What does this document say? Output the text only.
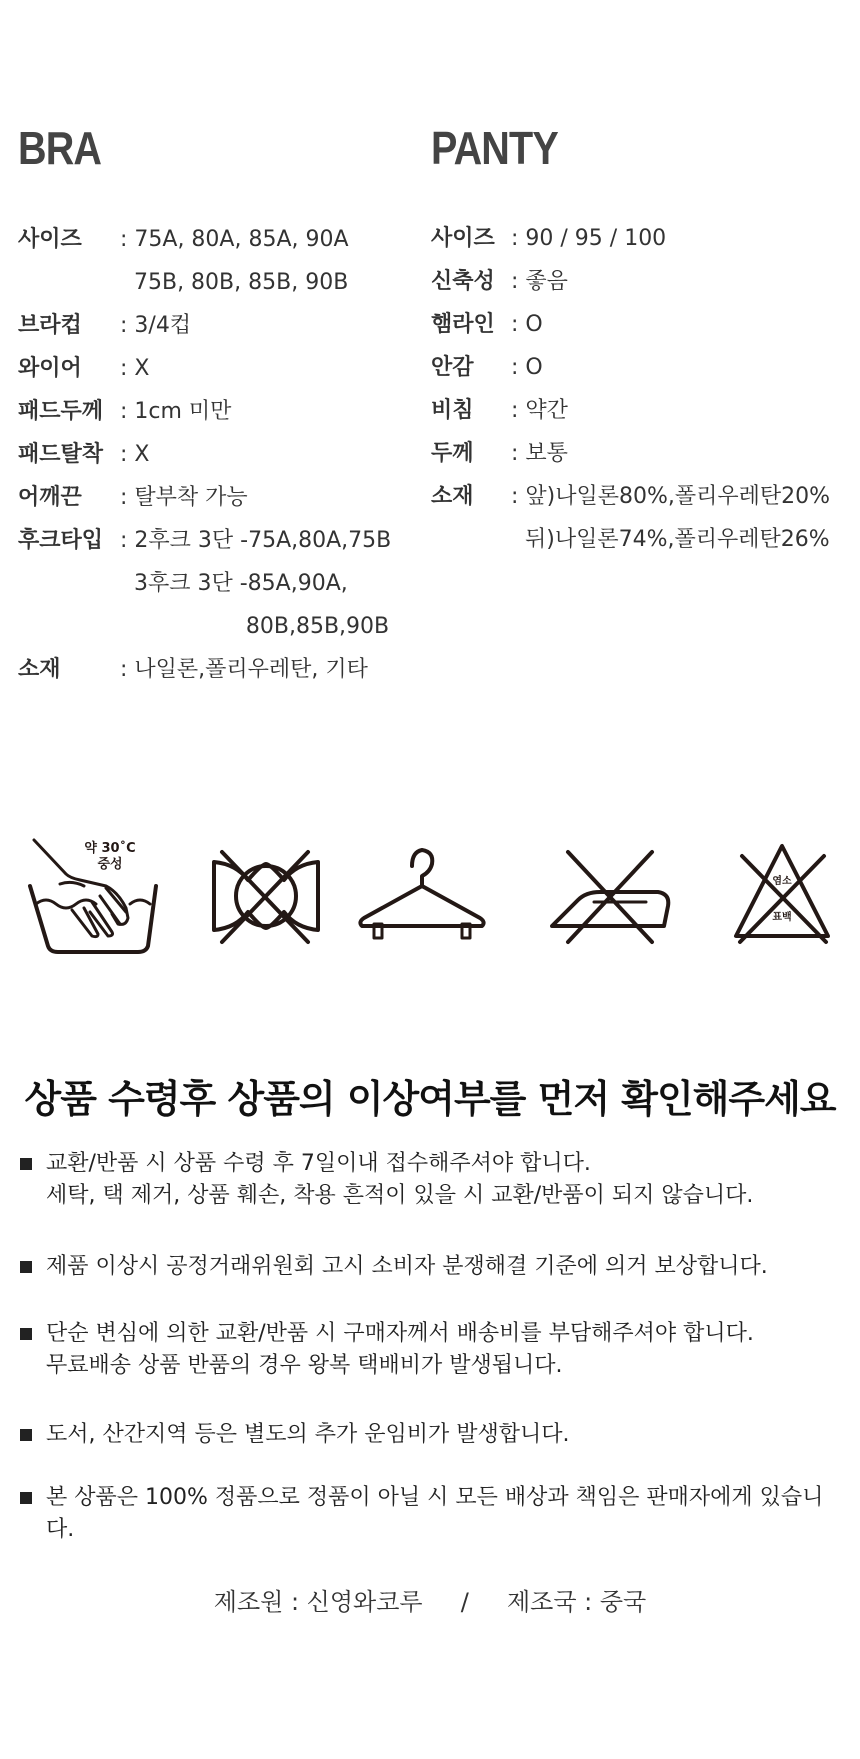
BRA	PANTY
사이즈	: 75A, 80A, 85A, 90A
75B, 80B, 85B, 90B
브라컵	: 3/4컵
와이어	: X
패드두께 : 1cm 미만
패드탈착 : X
어깨끈	: 탈부착 가능
후크타입 : 2후크 3단 -75A,80A,75B
3후크 3단 -85A,90A,
80B,85B,90B
소재	: 나일론,폴리우레탄, 기타
사이즈 : 90 / 95 / 100
신축성 : 좋음
햄라인 : O
안감	: O
비침	: 약간
두께	: 보통
소재	: 앞)나일론80%,폴리우레탄20%
뒤)나일론74%,폴리우레탄26%
약 30˚C
중성
염소
표백
상품 수령후 상품의 이상여부를 먼저 확인해주세요
교환/반품 시 상품 수령 후 7일이내 접수해주셔야 합니다.
세탁, 택 제거, 상품 훼손, 착용 흔적이 있을 시 교환/반품이 되지 않습니다.
제품 이상시 공정거래위원회 고시 소비자 분쟁해결 기준에 의거 보상합니다.
단순 변심에 의한 교환/반품 시 구매자께서 배송비를 부담해주셔야 합니다.
무료배송 상품 반품의 경우 왕복 택배비가 발생됩니다.
도서, 산간지역 등은 별도의 추가 운임비가 발생합니다.
본 상품은 100% 정품으로 정품이 아닐 시 모든 배상과 책임은 판매자에게 있습니다.
제조원 : 신영와코루     /     제조국 : 중국
